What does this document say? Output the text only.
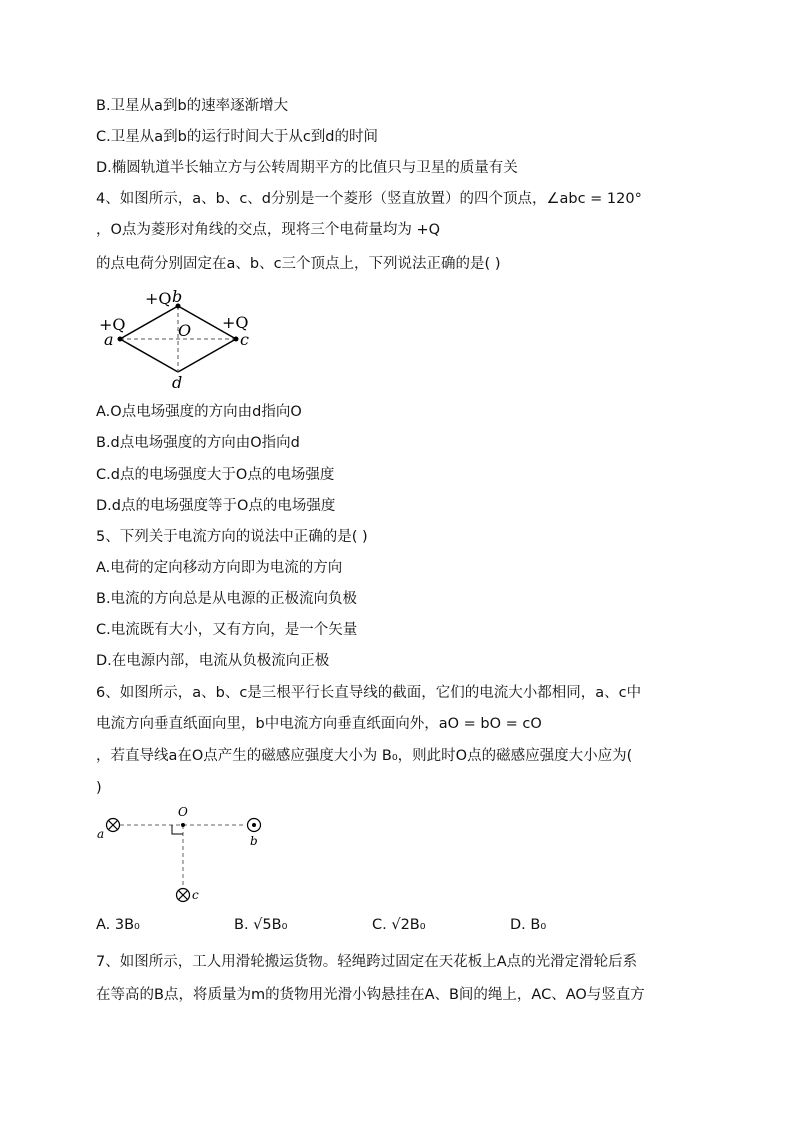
B.卫星从a到b的速率逐渐增大
C.卫星从a到b的运行时间大于从c到d的时间
D.椭圆轨道半长轴立方与公转周期平方的比值只与卫星的质量有关
4、如图所示，a、b、c、d分别是一个菱形（竖直放置）的四个顶点，∠abc = 120°
，O点为菱形对角线的交点，现将三个电荷量均为 +Q
的点电荷分别固定在a、b、c三个顶点上，下列说法正确的是( )
+Q b
+Q
a
+Q
c
O
d
A.O点电场强度的方向由d指向O
B.d点电场强度的方向由O指向d
C.d点的电场强度大于O点的电场强度
D.d点的电场强度等于O点的电场强度
5、下列关于电流方向的说法中正确的是( )
A.电荷的定向移动方向即为电流的方向
B.电流的方向总是从电源的正极流向负极
C.电流既有大小，又有方向，是一个矢量
D.在电源内部，电流从负极流向正极
6、如图所示，a、b、c是三根平行长直导线的截面，它们的电流大小都相同，a、c中
电流方向垂直纸面向里，b中电流方向垂直纸面向外，aO = bO = cO
，若直导线a在O点产生的磁感应强度大小为 B₀，则此时O点的磁感应强度大小应为(
)
O
a	b
c
A. 3B₀	B. √5B₀	C. √2B₀	D. B₀
7、如图所示，工人用滑轮搬运货物。轻绳跨过固定在天花板上A点的光滑定滑轮后系
在等高的B点，将质量为m的货物用光滑小钩悬挂在A、B间的绳上，AC、AO与竖直方
